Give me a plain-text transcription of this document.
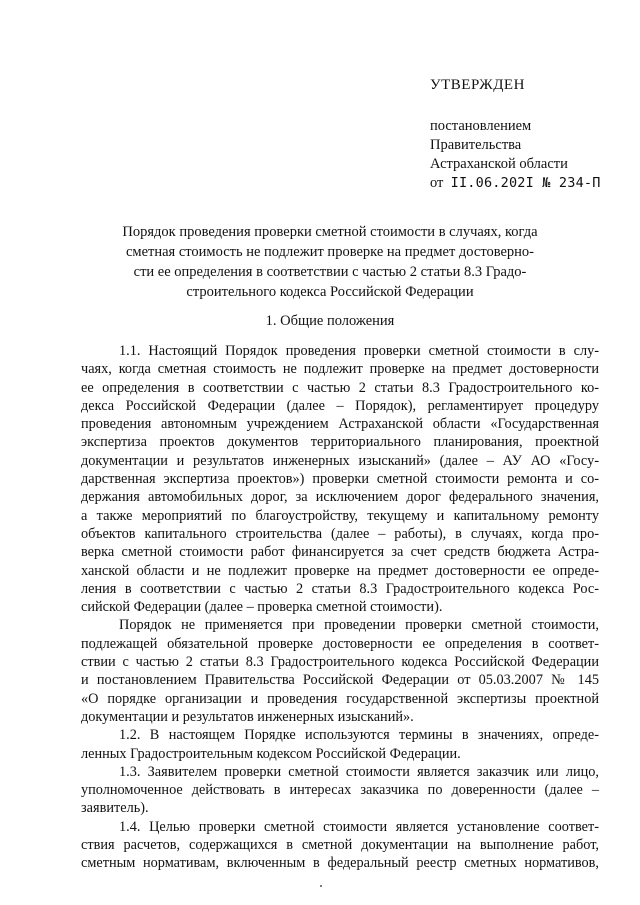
УТВЕРЖДЕН
постановлением
Правительства
Астраханской области
от II.06.202I № 234-П
Порядок проведения проверки сметной стоимости в случаях, когда
сметная стоимость не подлежит проверке на предмет достоверно-
сти ее определения в соответствии с частью 2 статьи 8.3 Градо-
строительного кодекса Российской Федерации
1. Общие положения
1.1. Настоящий Порядок проведения проверки сметной стоимости в слу-
чаях, когда сметная стоимость не подлежит проверке на предмет достоверности
ее определения в соответствии с частью 2 статьи 8.3 Градостроительного ко-
декса Российской Федерации (далее – Порядок), регламентирует процедуру
проведения автономным учреждением Астраханской области «Государственная
экспертиза проектов документов территориального планирования, проектной
документации и результатов инженерных изысканий» (далее – АУ АО «Госу-
дарственная экспертиза проектов») проверки сметной стоимости ремонта и со-
держания автомобильных дорог, за исключением дорог федерального значения,
а также мероприятий по благоустройству, текущему и капитальному ремонту
объектов капитального строительства (далее – работы), в случаях, когда про-
верка сметной стоимости работ финансируется за счет средств бюджета Астра-
ханской области и не подлежит проверке на предмет достоверности ее опреде-
ления в соответствии с частью 2 статьи 8.3 Градостроительного кодекса Рос-
сийской Федерации (далее – проверка сметной стоимости).
Порядок не применяется при проведении проверки сметной стоимости,
подлежащей обязательной проверке достоверности ее определения в соответ-
ствии с частью 2 статьи 8.3 Градостроительного кодекса Российской Федерации
и постановлением Правительства Российской Федерации от 05.03.2007 № 145
«О порядке организации и проведения государственной экспертизы проектной
документации и результатов инженерных изысканий».
1.2. В настоящем Порядке используются термины в значениях, опреде-
ленных Градостроительным кодексом Российской Федерации.
1.3. Заявителем проверки сметной стоимости является заказчик или лицо,
уполномоченное действовать в интересах заказчика по доверенности (далее –
заявитель).
1.4. Целью проверки сметной стоимости является установление соответ-
ствия расчетов, содержащихся в сметной документации на выполнение работ,
сметным нормативам, включенным в федеральный реестр сметных нормативов,
